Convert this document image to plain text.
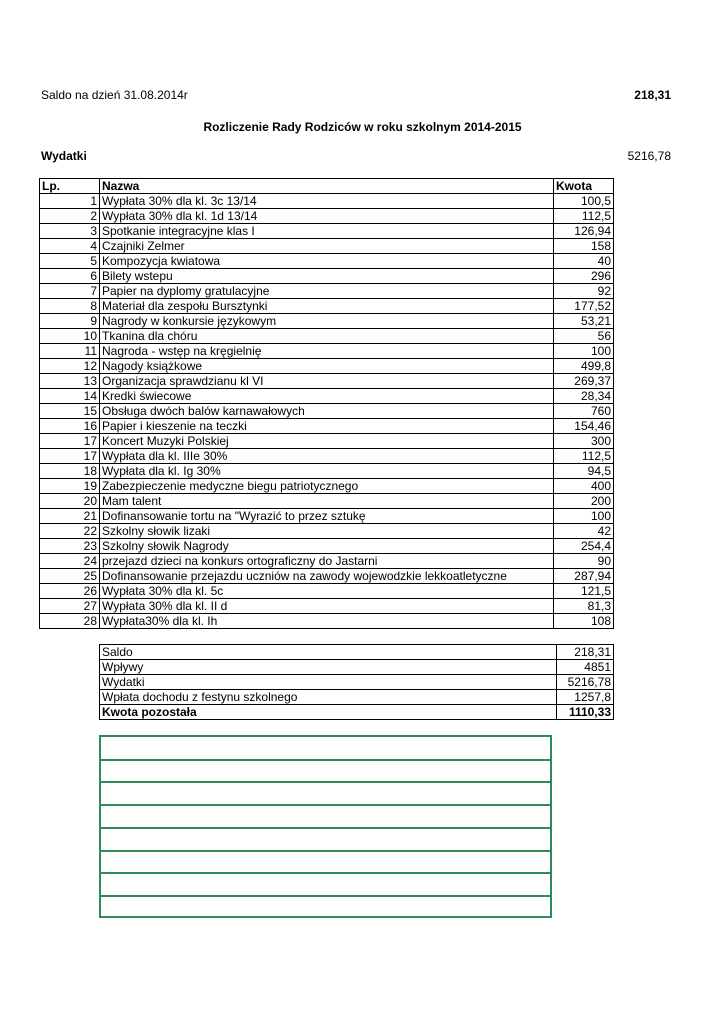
Saldo na dzień 31.08.2014r	218,31
Rozliczenie Rady Rodziców w roku szkolnym 2014-2015
Wydatki	5216,78
Lp.	Nazwa	Kwota
1	Wypłata 30% dla kl. 3c 13/14	100,5
2	Wypłata 30% dla kl. 1d 13/14	112,5
3	Spotkanie integracyjne klas I	126,94
4	Czajniki Zelmer	158
5	Kompozycja kwiatowa	40
6	Bilety wstepu	296
7	Papier na dyplomy gratulacyjne	92
8	Materiał dla zespołu Bursztynki	177,52
9	Nagrody w konkursie językowym	53,21
10	Tkanina dla chóru	56
11	Nagroda - wstęp na kręgielnię	100
12	Nagody książkowe	499,8
13	Organizacja sprawdzianu kl VI	269,37
14	Kredki świecowe	28,34
15	Obsługa dwóch balów karnawałowych	760
16	Papier i kieszenie na teczki	154,46
17	Koncert Muzyki Polskiej	300
17	Wypłata dla kl. IIIe 30%	112,5
18	Wypłata dla kl. Ig 30%	94,5
19	Zabezpieczenie medyczne biegu patriotycznego	400
20	Mam talent	200
21	Dofinansowanie tortu na "Wyrazić to przez sztukę	100
22	Szkolny słowik lizaki	42
23	Szkolny słowik Nagrody	254,4
24	przejazd dzieci na konkurs ortograficzny do Jastarni	90
25	Dofinansowanie przejazdu uczniów na zawody wojewodzkie lekkoatletyczne	287,94
26	Wypłata 30% dla kl. 5c	121,5
27	Wypłata 30% dla kl. II d	81,3
28	Wypłata30% dla kl. Ih	108
Saldo	218,31
Wpływy	4851
Wydatki	5216,78
Wpłata dochodu z festynu szkolnego	1257,8
Kwota pozostała	1110,33
